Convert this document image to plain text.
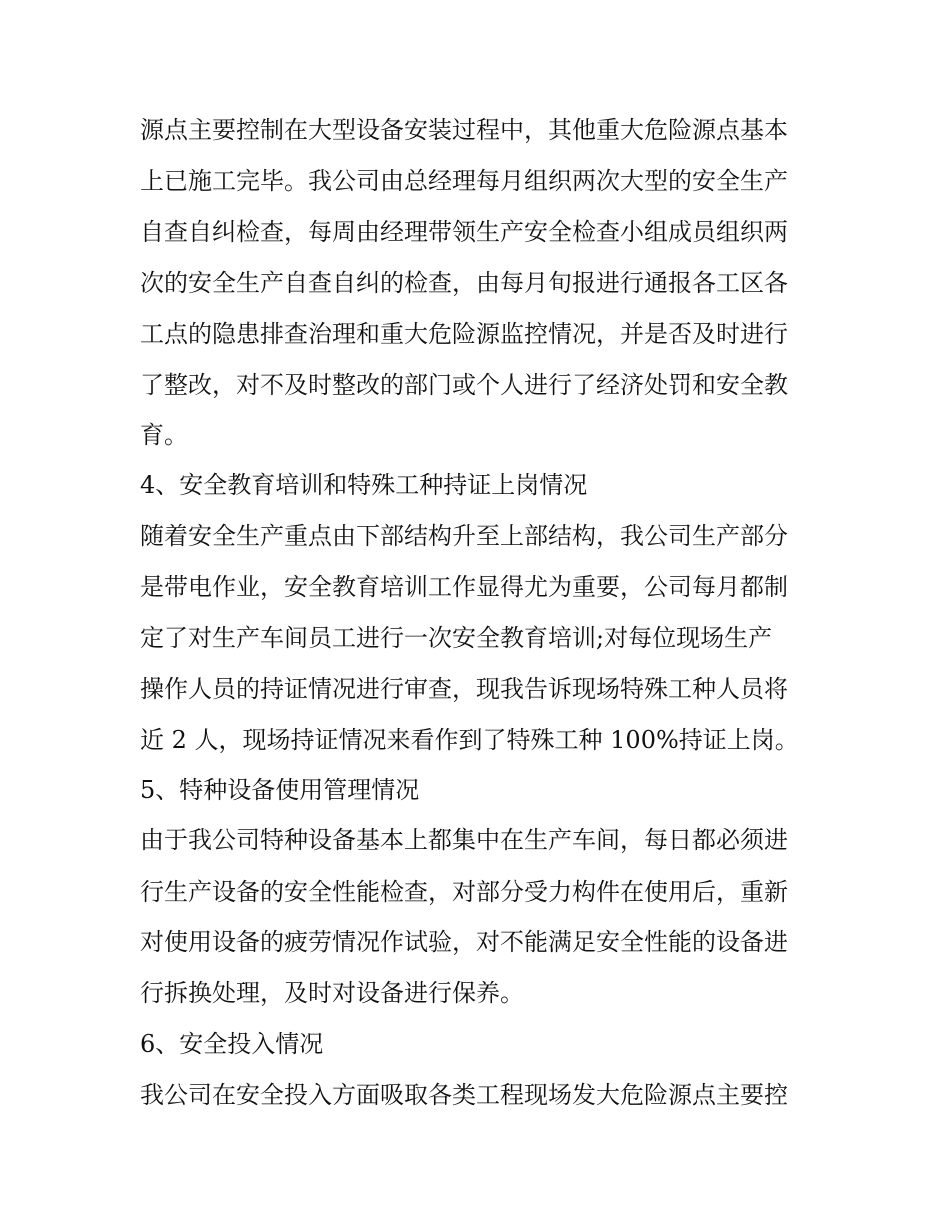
源点主要控制在大型设备安装过程中，其他重大危险源点基本
上已施工完毕。我公司由总经理每月组织两次大型的安全生产
自查自纠检查，每周由经理带领生产安全检查小组成员组织两
次的安全生产自查自纠的检查，由每月旬报进行通报各工区各
工点的隐患排查治理和重大危险源监控情况，并是否及时进行
了整改，对不及时整改的部门或个人进行了经济处罚和安全教
育。
4、安全教育培训和特殊工种持证上岗情况
随着安全生产重点由下部结构升至上部结构，我公司生产部分
是带电作业，安全教育培训工作显得尤为重要，公司每月都制
定了对生产车间员工进行一次安全教育培训;对每位现场生产
操作人员的持证情况进行审查，现我告诉现场特殊工种人员将
近 2 人，现场持证情况来看作到了特殊工种 100%持证上岗。
5、特种设备使用管理情况
由于我公司特种设备基本上都集中在生产车间，每日都必须进
行生产设备的安全性能检查，对部分受力构件在使用后，重新
对使用设备的疲劳情况作试验，对不能满足安全性能的设备进
行拆换处理，及时对设备进行保养。
6、安全投入情况
我公司在安全投入方面吸取各类工程现场发大危险源点主要控
